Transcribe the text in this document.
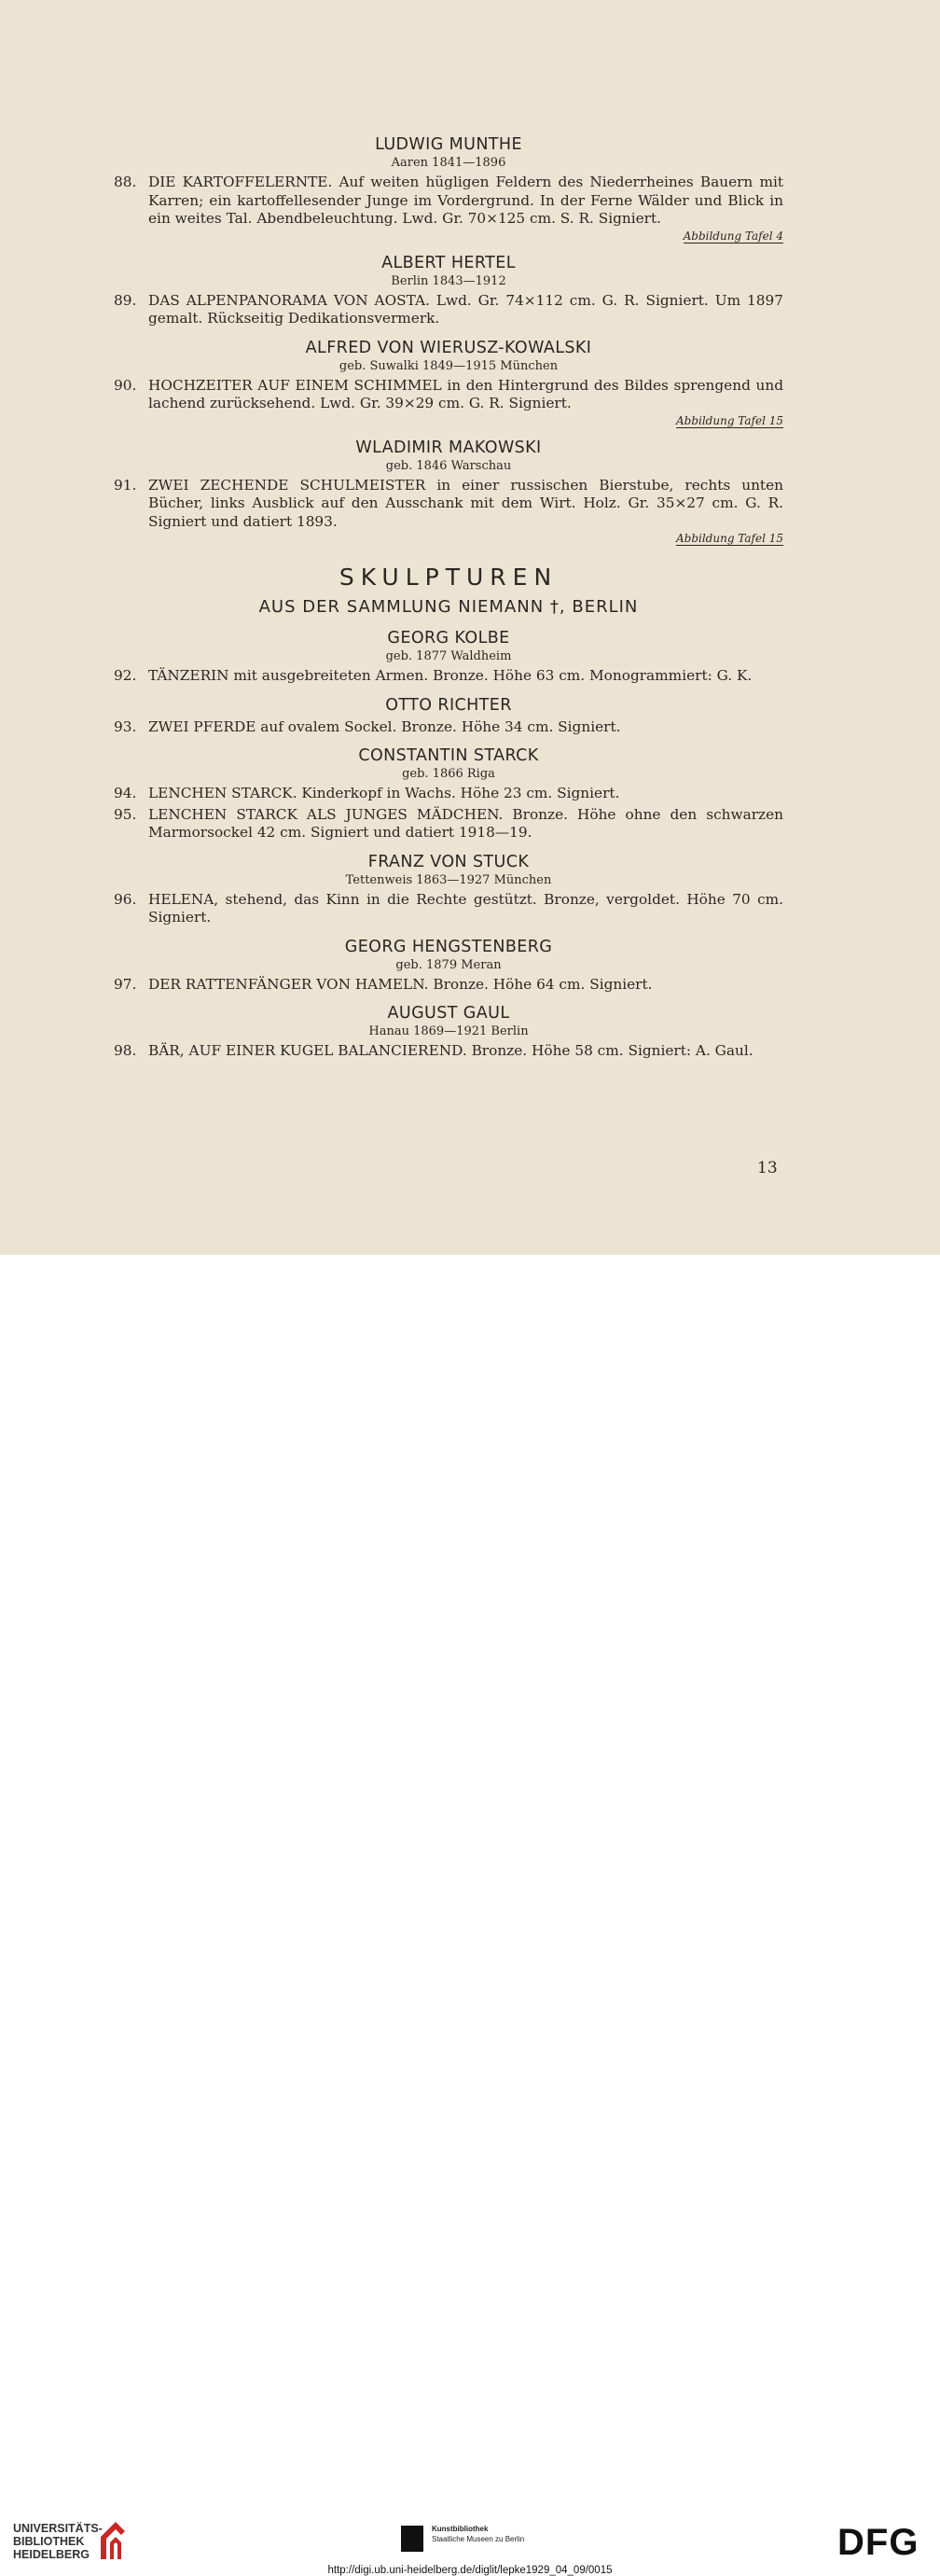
LUDWIG MUNTHE
Aaren 1841—1896
88. DIE KARTOFFELERNTE. Auf weiten hügligen Feldern des Niederrheines Bauern mit Karren; ein kartoffellesender Junge im Vordergrund. In der Ferne Wälder und Blick in ein weites Tal. Abendbeleuchtung. Lwd. Gr. 70×125 cm. S. R. Signiert.
Abbildung Tafel 4
ALBERT HERTEL
Berlin 1843—1912
89. DAS ALPENPANORAMA VON AOSTA. Lwd. Gr. 74×112 cm. G. R. Signiert. Um 1897 gemalt. Rückseitig Dedikationsvermerk.
ALFRED VON WIERUSZ-KOWALSKI
geb. Suwalki 1849—1915 München
90. HOCHZEITER AUF EINEM SCHIMMEL in den Hintergrund des Bildes sprengend und lachend zurücksehend. Lwd. Gr. 39×29 cm. G. R. Signiert.
Abbildung Tafel 15
WLADIMIR MAKOWSKI
geb. 1846 Warschau
91. ZWEI ZECHENDE SCHULMEISTER in einer russischen Bierstube, rechts unten Bücher, links Ausblick auf den Ausschank mit dem Wirt. Holz. Gr. 35×27 cm. G. R. Signiert und datiert 1893.
Abbildung Tafel 15
SKULPTUREN
AUS DER SAMMLUNG NIEMANN †, BERLIN
GEORG KOLBE
geb. 1877 Waldheim
92. TÄNZERIN mit ausgebreiteten Armen. Bronze. Höhe 63 cm. Monogrammiert: G. K.
OTTO RICHTER
93. ZWEI PFERDE auf ovalem Sockel. Bronze. Höhe 34 cm. Signiert.
CONSTANTIN STARCK
geb. 1866 Riga
94. LENCHEN STARCK. Kinderkopf in Wachs. Höhe 23 cm. Signiert.
95. LENCHEN STARCK ALS JUNGES MÄDCHEN. Bronze. Höhe ohne den schwarzen Marmorsockel 42 cm. Signiert und datiert 1918—19.
FRANZ VON STUCK
Tettenweis 1863—1927 München
96. HELENA, stehend, das Kinn in die Rechte gestützt. Bronze, vergoldet. Höhe 70 cm. Signiert.
GEORG HENGSTENBERG
geb. 1879 Meran
97. DER RATTENFÄNGER VON HAMELN. Bronze. Höhe 64 cm. Signiert.
AUGUST GAUL
Hanau 1869—1921 Berlin
98. BÄR, AUF EINER KUGEL BALANCIEREND. Bronze. Höhe 58 cm. Signiert: A. Gaul.
13
UNIVERSITÄTS-
BIBLIOTHEK
HEIDELBERG
Kunstbibliothek
Staatliche Museen zu Berlin	DFG
http://digi.ub.uni-heidelberg.de/diglit/lepke1929_04_09/0015
